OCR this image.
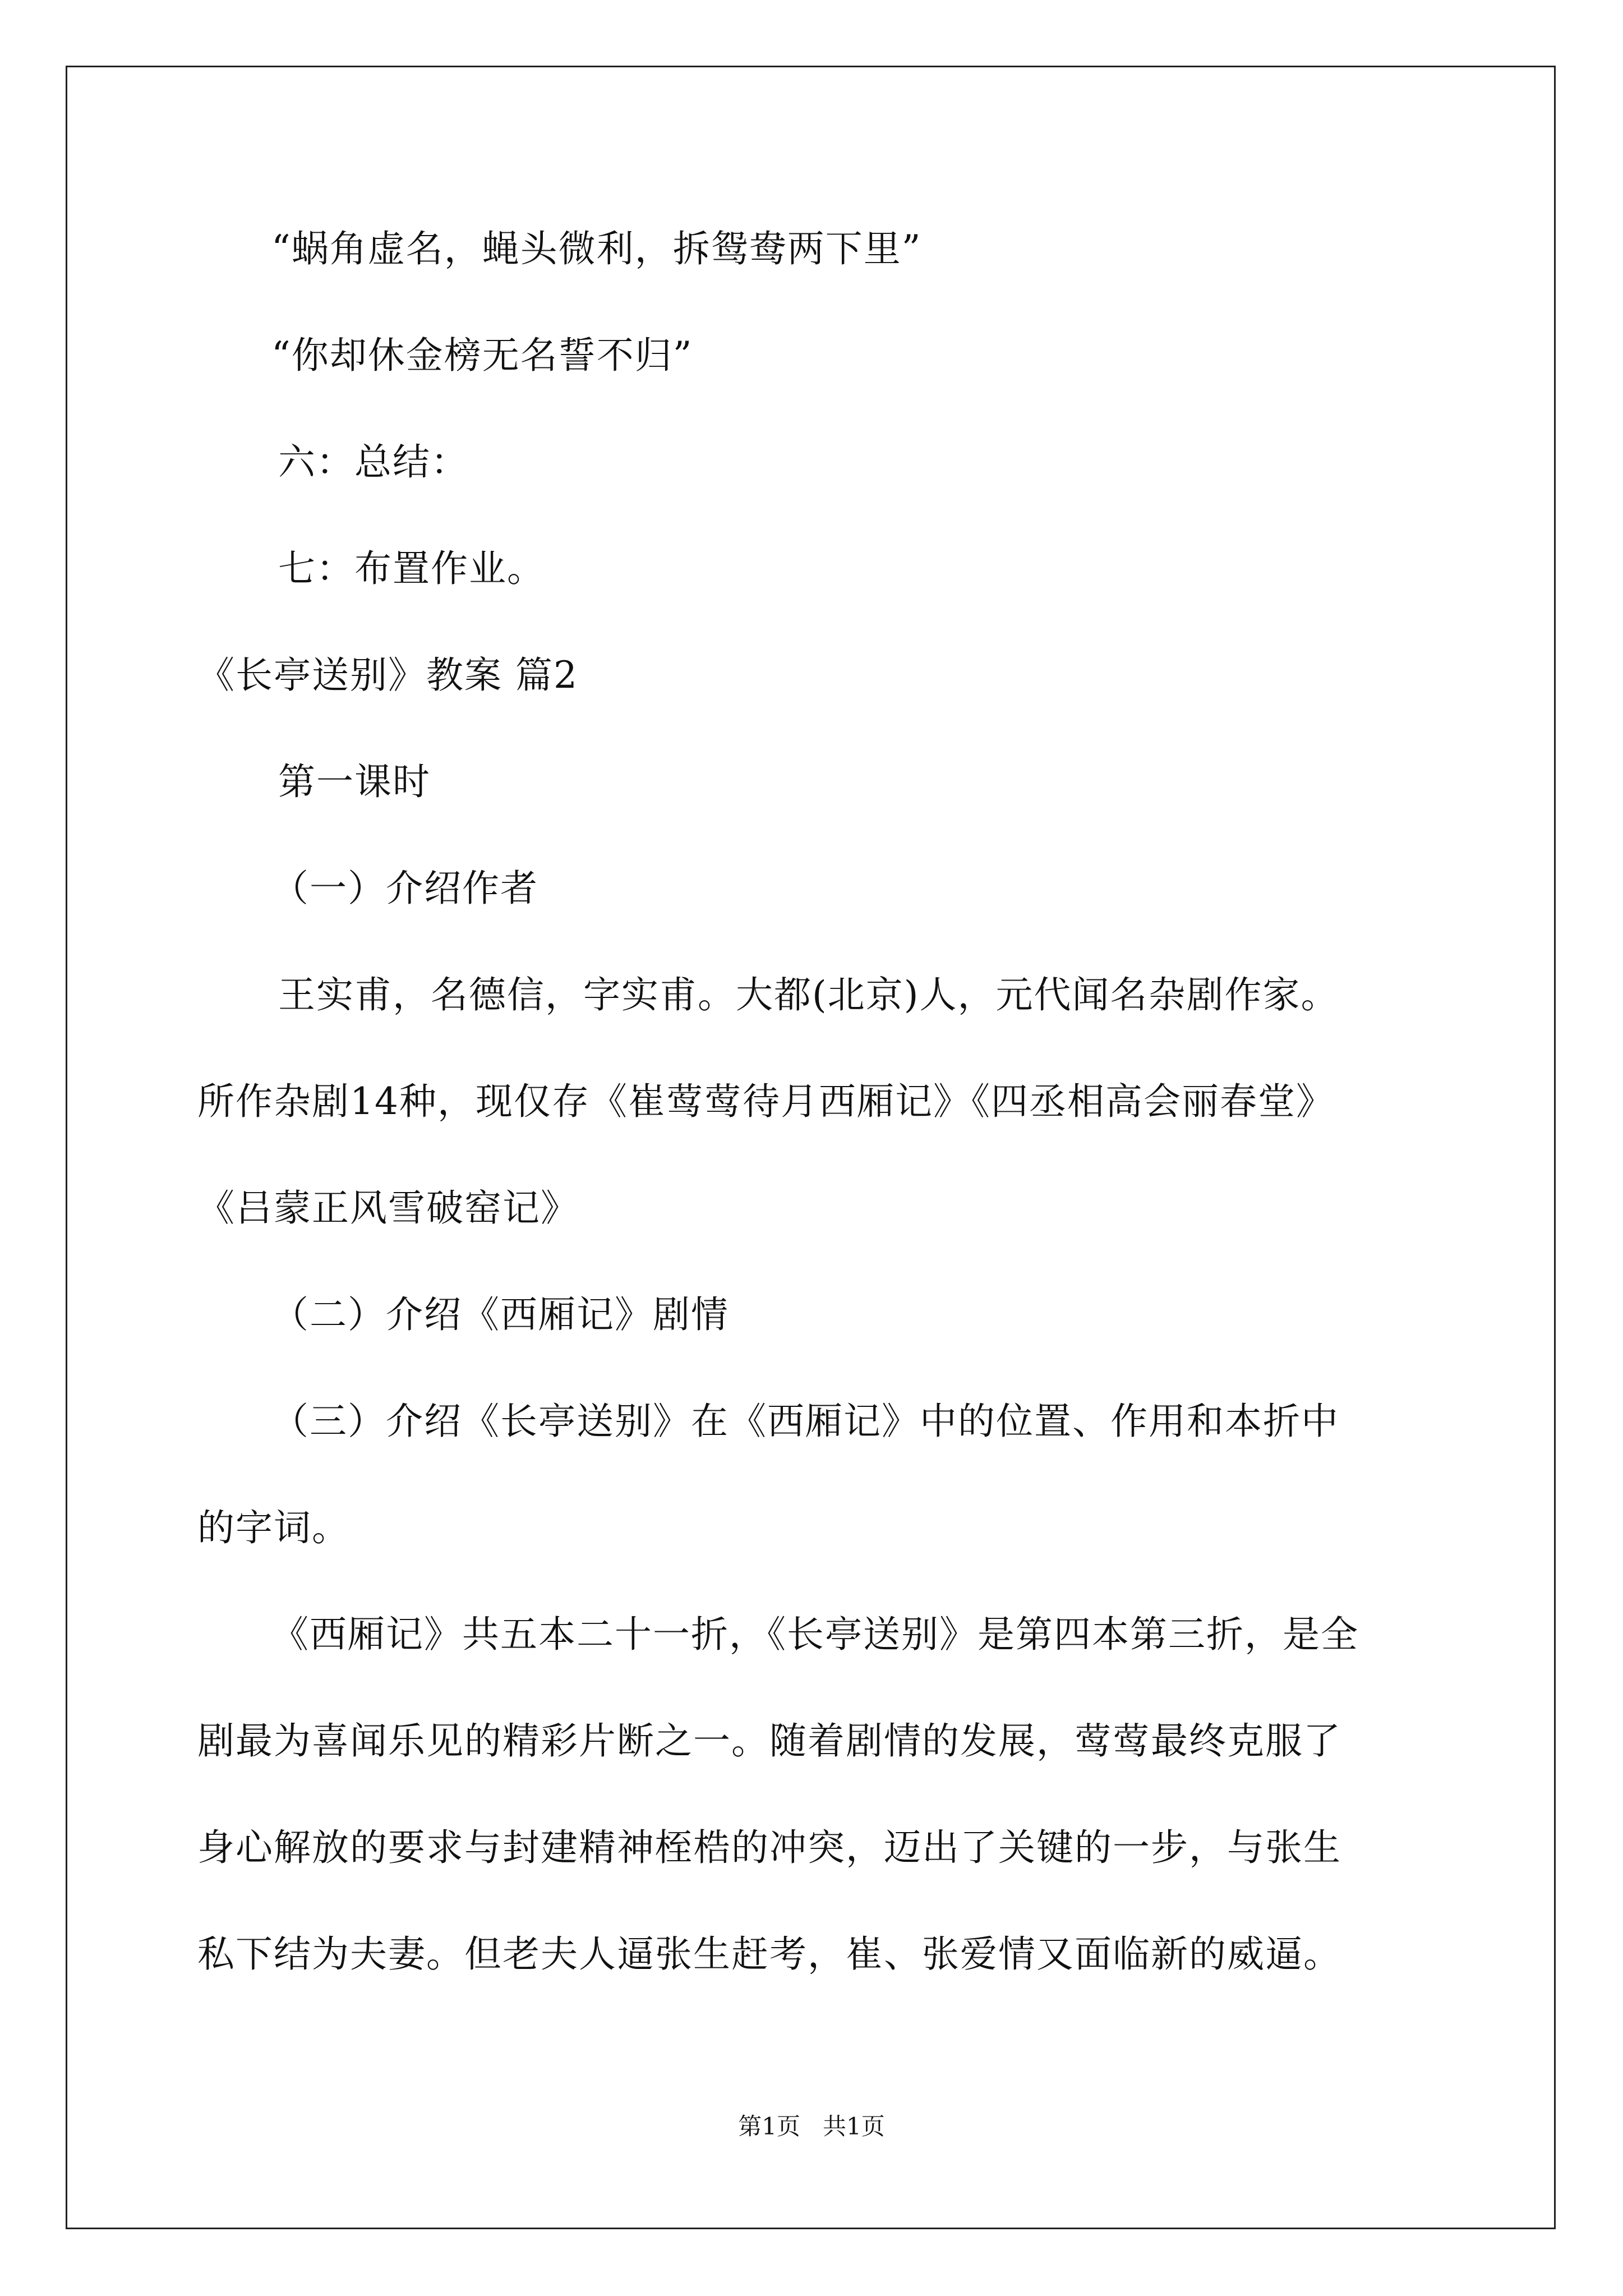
“蜗角虚名，蝇头微利，拆鸳鸯两下里”
“你却休金榜无名誓不归”
六：总结：
七：布置作业。
《长亭送别》教案 篇2
第一课时
（一）介绍作者
王实甫，名德信，字实甫。大都(北京)人，元代闻名杂剧作家。
所作杂剧14种，现仅存《崔莺莺待月西厢记》《四丞相高会丽春堂》
《吕蒙正风雪破窑记》
（二）介绍《西厢记》剧情
（三）介绍《长亭送别》在《西厢记》中的位置、作用和本折中
的字词。
《西厢记》共五本二十一折，《长亭送别》是第四本第三折，是全
剧最为喜闻乐见的精彩片断之一。随着剧情的发展，莺莺最终克服了
身心解放的要求与封建精神桎梏的冲突，迈出了关键的一步，与张生
私下结为夫妻。但老夫人逼张生赶考，崔、张爱情又面临新的威逼。
第1页   共1页
